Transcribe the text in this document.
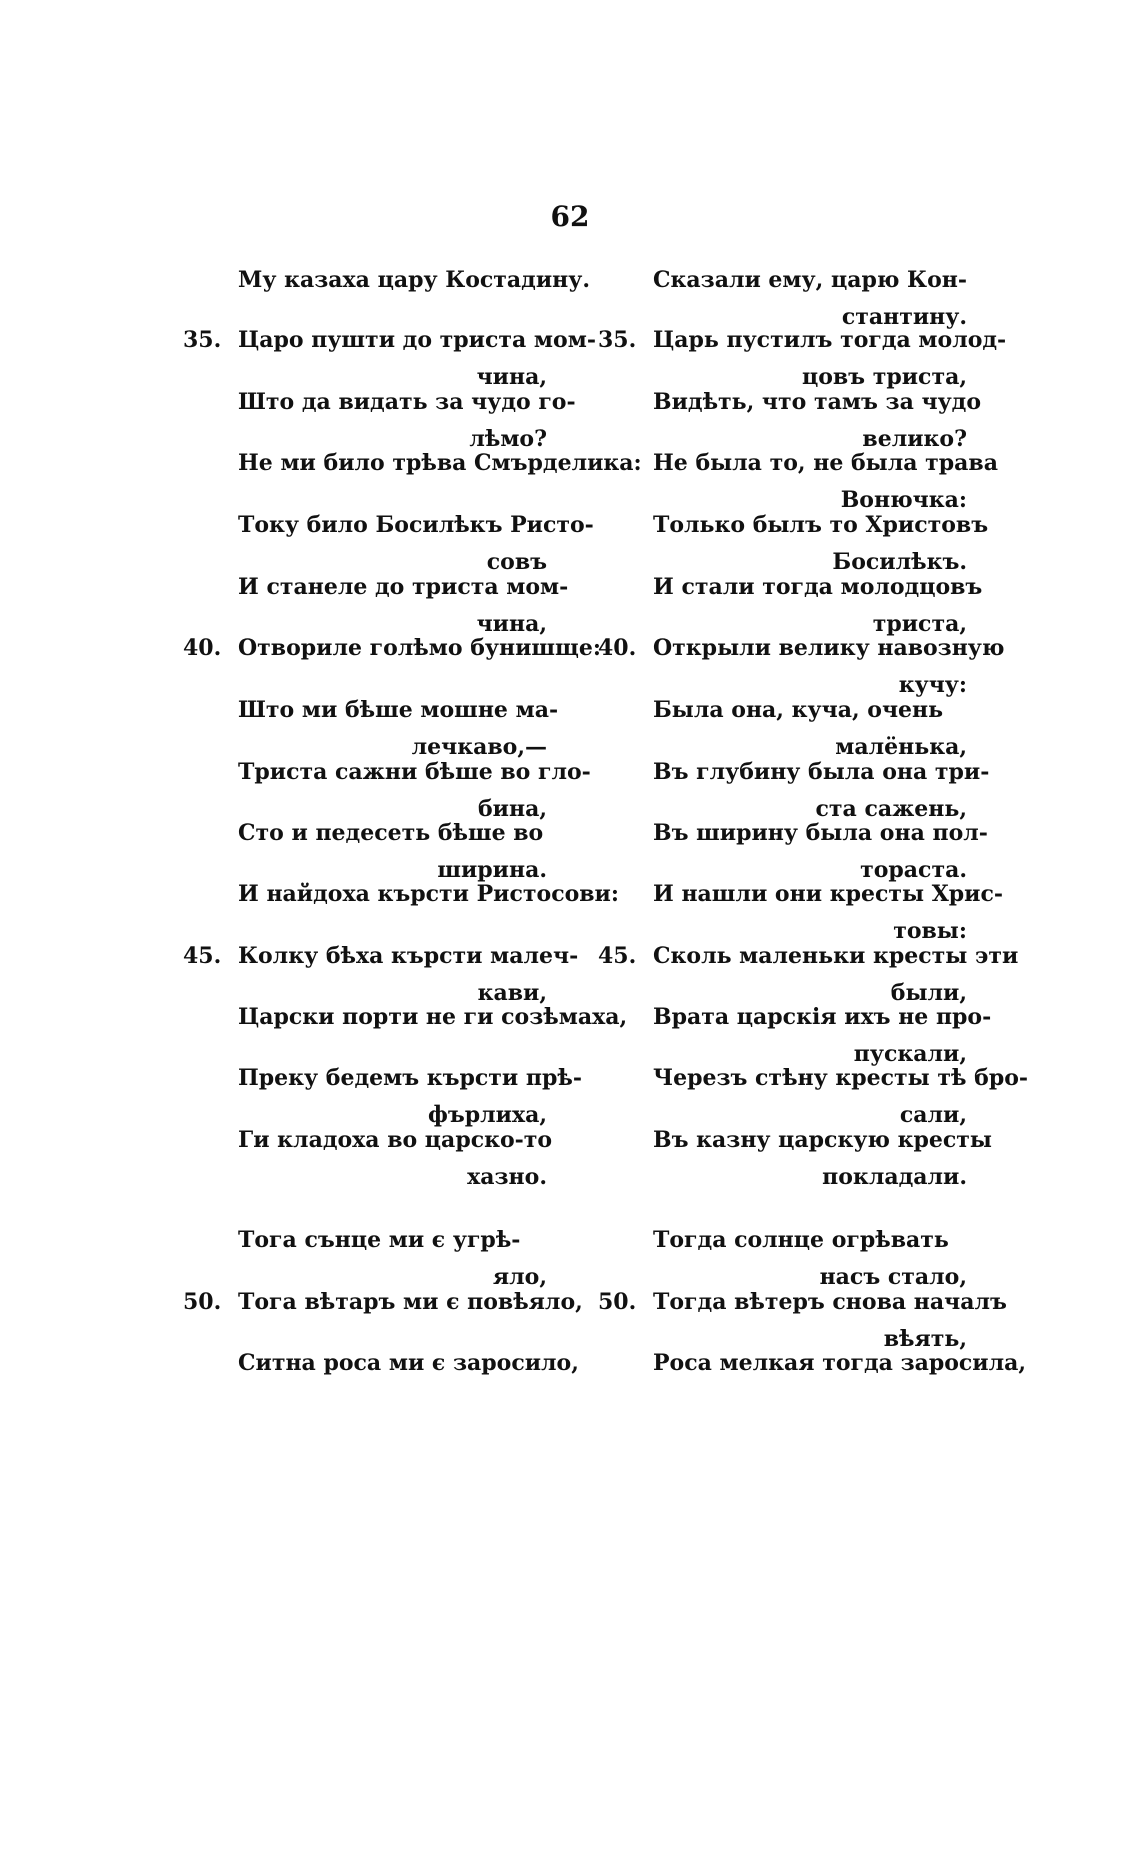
62
Му казаха цару Костадину.
35. Царо пушти до триста мом-
чина,
Што да видать за чудо го-
лѣмо?
Не ми било трѣва Смърделика:
Току било Босилѣкъ Ристо-
совъ
И станеле до триста мом-
чина,
40. Отвориле голѣмо бунишще:
Што ми бѣше мошне ма-
лечкаво,—
Триста сажни бѣше во гло-
бина,
Сто и педесеть бѣше во
ширина.
И найдоха кърсти Ристосови:
45. Колку бѣха кърсти малеч-
кави,
Царски порти не ги созѣмаха,
Преку бедемъ кърсти прѣ-
фърлиха,
Ги кладоха во царско-то
хазно.
Тога сънце ми є угрѣ-
яло,
50. Тога вѣтаръ ми є повѣяло,
Ситна роса ми є заросило,
Сказали ему, царю Кон-
стантину.
35. Царь пустилъ тогда молод-
цовъ триста,
Видѣть, что тамъ за чудо
велико?
Не была то, не была трава
Вонючка:
Только былъ то Христовъ
Босилѣкъ.
И стали тогда молодцовъ
триста,
40. Открыли велику навозную
кучу:
Была она, куча, очень
малёнька,
Въ глубину была она три-
ста сажень,
Въ ширину была она пол-
тораста.
И нашли они кресты Хрис-
товы:
45. Сколь маленьки кресты эти
были,
Врата царскія ихъ не про-
пускали,
Черезъ стѣну кресты тѣ бро-
сали,
Въ казну царскую кресты
покладали.
Тогда солнце огрѣвать
насъ стало,
50. Тогда вѣтеръ снова началъ
вѣять,
Роса мелкая тогда заросила,
